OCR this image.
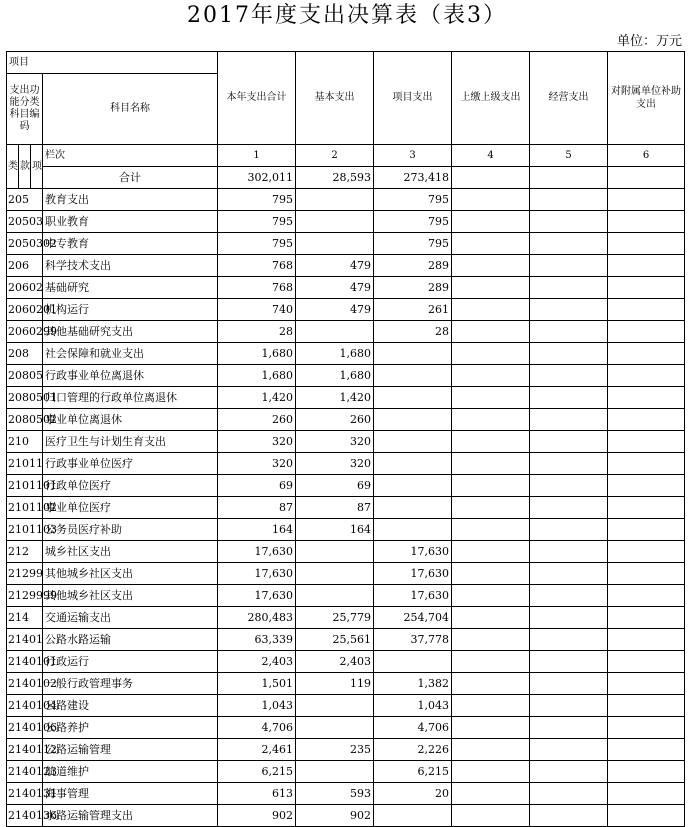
2017年度支出决算表（表3）
单位：万元
项目				本年支出合计	基本支出	项目支出	上缴上级支出	经营支出	对附属单位补助支出
支出功能分类科目编码			科目名称						

类	款	项	栏次	1	2	3	4	5	6
			合计	302,011	28,593	273,418			
205			教育支出	795		795			
20503			职业教育	795		795			
2050302			中专教育	795		795			
206			科学技术支出	768	479	289			
20602			基础研究	768	479	289			
2060201			机构运行	740	479	261			
2060299			其他基础研究支出	28		28			
208			社会保障和就业支出	1,680	1,680				
20805			行政事业单位离退休	1,680	1,680				
2080501			归口管理的行政单位离退休	1,420	1,420				
2080502			事业单位离退休	260	260				
210			医疗卫生与计划生育支出	320	320				
21011			行政事业单位医疗	320	320				
2101101			行政单位医疗	69	69				
2101102			事业单位医疗	87	87				
2101103			公务员医疗补助	164	164				
212			城乡社区支出	17,630		17,630			
21299			其他城乡社区支出	17,630		17,630			
2129999			其他城乡社区支出	17,630		17,630			
214			交通运输支出	280,483	25,779	254,704			
21401			公路水路运输	63,339	25,561	37,778			
2140101			行政运行	2,403	2,403				
2140102			一般行政管理事务	1,501	119	1,382			
2140104			公路建设	1,043		1,043			
2140106			公路养护	4,706		4,706			
2140112			公路运输管理	2,461	235	2,226			
2140123			航道维护	6,215		6,215			
2140131			海事管理	613	593	20			
2140136			水路运输管理支出	902	902				
